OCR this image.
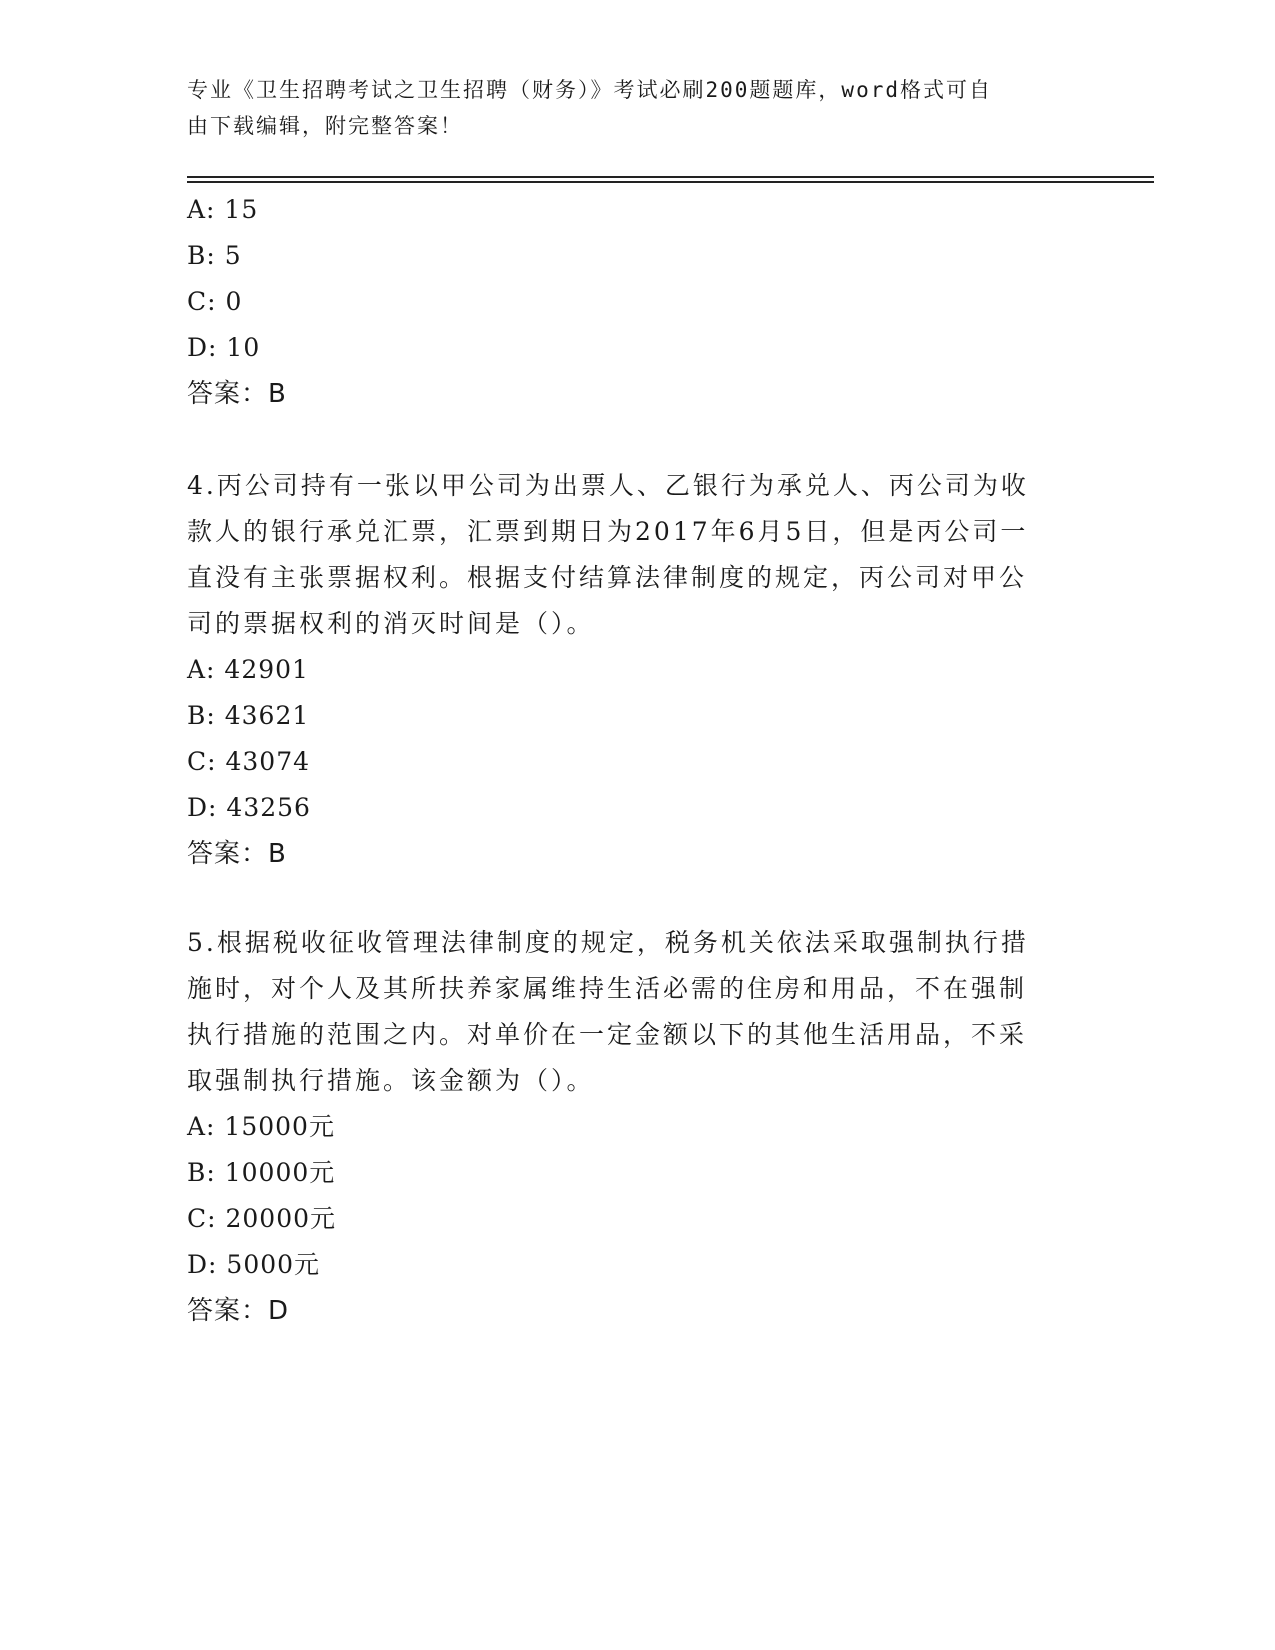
专业《卫生招聘考试之卫生招聘（财务）》考试必刷200题题库，word格式可自
由下载编辑，附完整答案！
A: 15
B: 5
C: 0
D: 10
答案：B
4.丙公司持有一张以甲公司为出票人、乙银行为承兑人、丙公司为收
款人的银行承兑汇票，汇票到期日为2017年6月5日，但是丙公司一
直没有主张票据权利。根据支付结算法律制度的规定，丙公司对甲公
司的票据权利的消灭时间是（）。
A: 42901
B: 43621
C: 43074
D: 43256
答案：B
5.根据税收征收管理法律制度的规定，税务机关依法采取强制执行措
施时，对个人及其所扶养家属维持生活必需的住房和用品，不在强制
执行措施的范围之内。对单价在一定金额以下的其他生活用品，不采
取强制执行措施。该金额为（）。
A: 15000元
B: 10000元
C: 20000元
D: 5000元
答案：D
